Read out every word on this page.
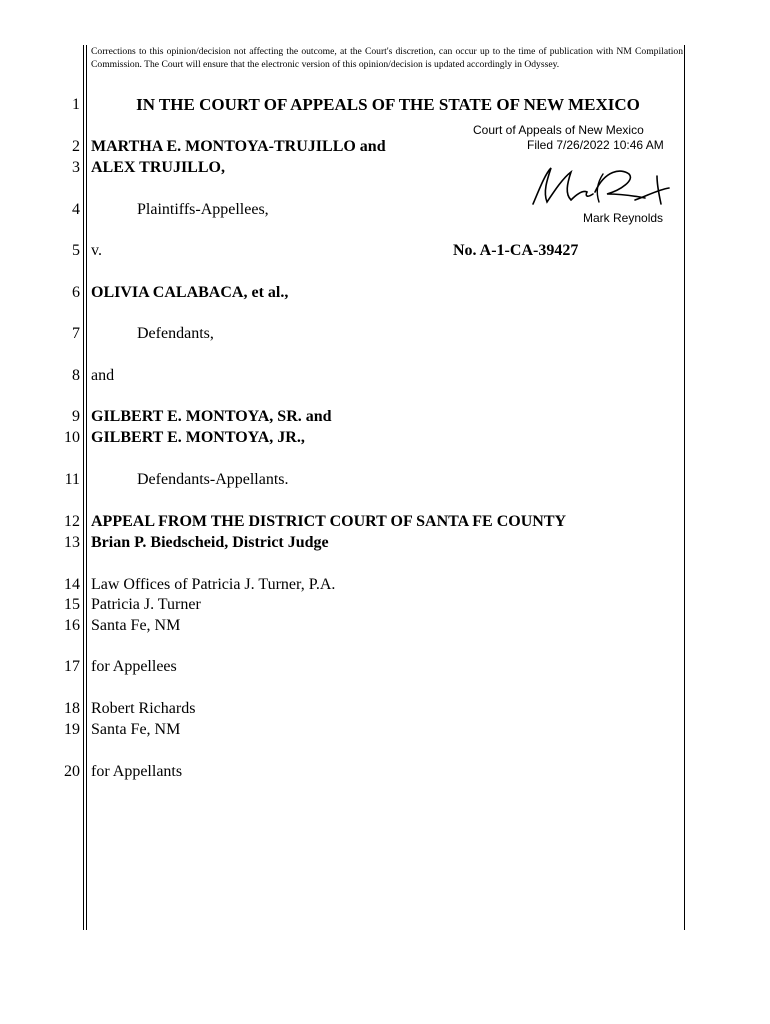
Corrections to this opinion/decision not affecting the outcome, at the Court's discretion, can occur up to the time of publication with NM Compilation Commission. The Court will ensure that the electronic version of this opinion/decision is updated accordingly in Odyssey.
1	IN THE COURT OF APPEALS OF THE STATE OF NEW MEXICO
Court of Appeals of New Mexico
Filed 7/26/2022 10:46 AM
Mark Reynolds
2 MARTHA E. MONTOYA-TRUJILLO and
3 ALEX TRUJILLO,
4	Plaintiffs-Appellees,
5 v.	No. A-1-CA-39427
6 OLIVIA CALABACA, et al.,
7	Defendants,
8 and
9 GILBERT E. MONTOYA, SR. and
10 GILBERT E. MONTOYA, JR.,
11	Defendants-Appellants.
12 APPEAL FROM THE DISTRICT COURT OF SANTA FE COUNTY
13 Brian P. Biedscheid, District Judge
14 Law Offices of Patricia J. Turner, P.A.
15 Patricia J. Turner
16 Santa Fe, NM
17 for Appellees
18 Robert Richards
19 Santa Fe, NM
20 for Appellants
